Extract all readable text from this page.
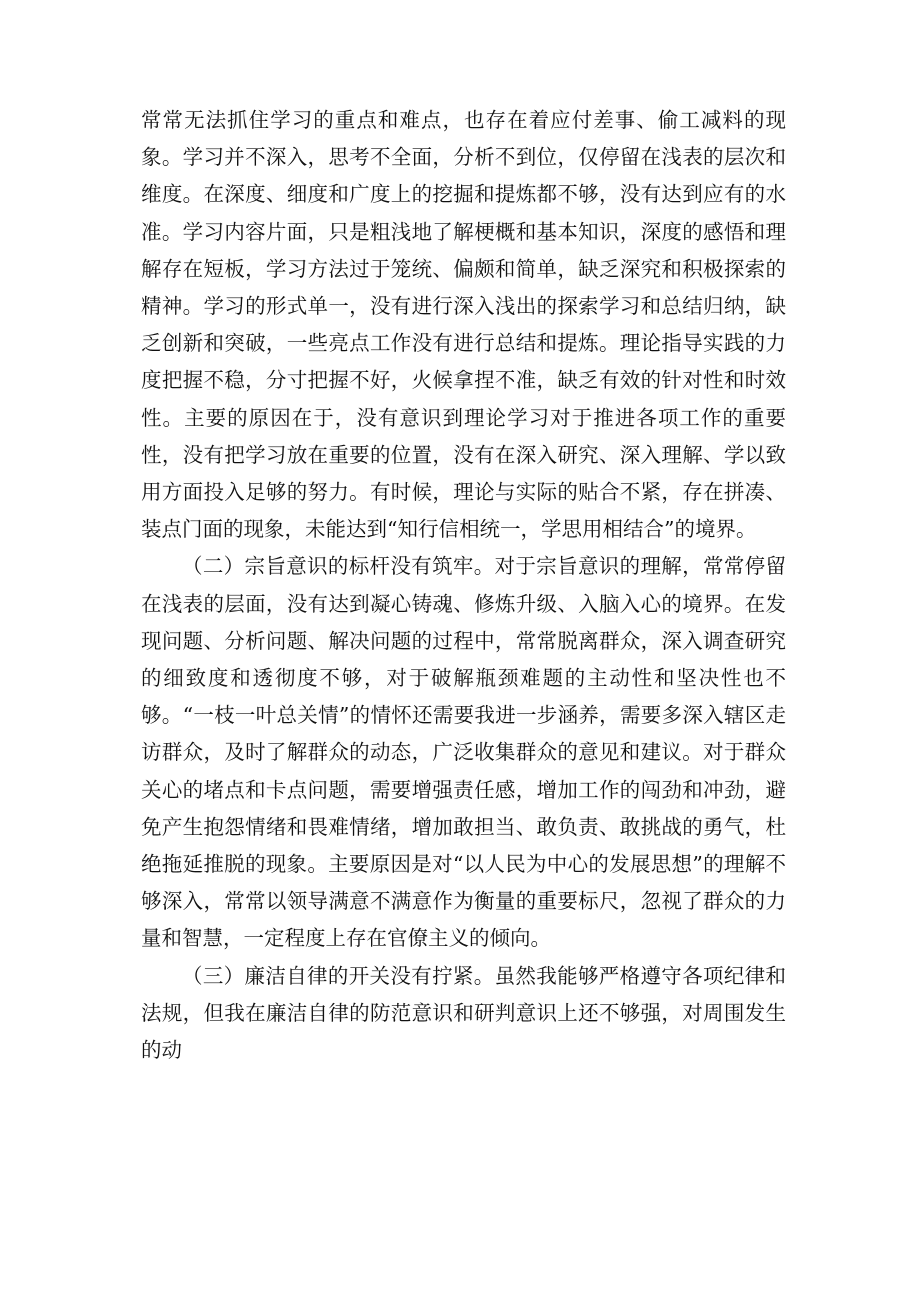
常常无法抓住学习的重点和难点，也存在着应付差事、偷工减料的现象。学习并不深入，思考不全面，分析不到位，仅停留在浅表的层次和维度。在深度、细度和广度上的挖掘和提炼都不够，没有达到应有的水准。学习内容片面，只是粗浅地了解梗概和基本知识，深度的感悟和理解存在短板，学习方法过于笼统、偏颇和简单，缺乏深究和积极探索的精神。学习的形式单一，没有进行深入浅出的探索学习和总结归纳，缺乏创新和突破，一些亮点工作没有进行总结和提炼。理论指导实践的力度把握不稳，分寸把握不好，火候拿捏不准，缺乏有效的针对性和时效性。主要的原因在于，没有意识到理论学习对于推进各项工作的重要性，没有把学习放在重要的位置，没有在深入研究、深入理解、学以致用方面投入足够的努力。有时候，理论与实际的贴合不紧，存在拼凑、装点门面的现象，未能达到“知行信相统一，学思用相结合”的境界。

（二）宗旨意识的标杆没有筑牢。对于宗旨意识的理解，常常停留在浅表的层面，没有达到凝心铸魂、修炼升级、入脑入心的境界。在发现问题、分析问题、解决问题的过程中，常常脱离群众，深入调查研究的细致度和透彻度不够，对于破解瓶颈难题的主动性和坚决性也不够。“一枝一叶总关情”的情怀还需要我进一步涵养，需要多深入辖区走访群众，及时了解群众的动态，广泛收集群众的意见和建议。对于群众关心的堵点和卡点问题，需要增强责任感，增加工作的闯劲和冲劲，避免产生抱怨情绪和畏难情绪，增加敢担当、敢负责、敢挑战的勇气，杜绝拖延推脱的现象。主要原因是对“以人民为中心的发展思想”的理解不够深入，常常以领导满意不满意作为衡量的重要标尺，忽视了群众的力量和智慧，一定程度上存在官僚主义的倾向。

（三）廉洁自律的开关没有拧紧。虽然我能够严格遵守各项纪律和法规，但我在廉洁自律的防范意识和研判意识上还不够强，对周围发生的动
